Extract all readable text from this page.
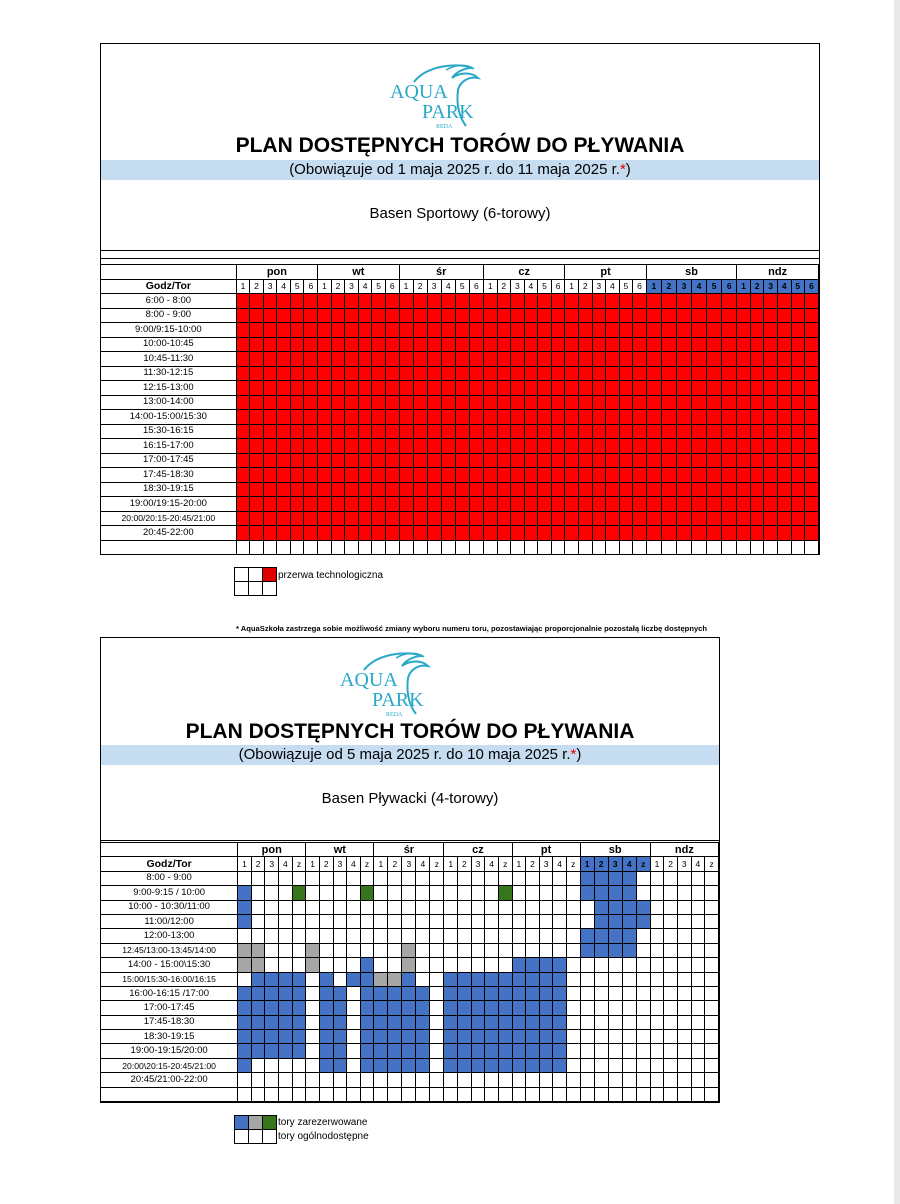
AQUA
PARK
REDA
PLAN DOSTĘPNYCH TORÓW DO PŁYWANIA
(Obowiązuje od 1 maja 2025 r. do 11 maja 2025 r.*)
Basen Sportowy (6-torowy)
	pon						wt						śr						cz						pt						sb						ndz					
Godz/Tor	1	2	3	4	5	6	1	2	3	4	5	6	1	2	3	4	5	6	1	2	3	4	5	6	1	2	3	4	5	6	1	2	3	4	5	6	1	2	3	4	5	6
6:00 - 8:00																																										
8:00 - 9:00																																										
9:00/9:15-10:00																																										
10:00-10:45																																										
10:45-11:30																																										
11:30-12:15																																										
12:15-13:00																																										
13:00-14:00																																										
14:00-15:00/15:30																																										
15:30-16:15																																										
16:15-17:00																																										
17:00-17:45																																										
17:45-18:30																																										
18:30-19:15																																										
19:00/19:15-20:00																																										
20:00/20:15-20:45/21:00																																										
20:45-22:00																																										

przerwa technologiczna
* AquaSzkoła zastrzega sobie możliwość zmiany wyboru numeru toru, pozostawiając proporcjonalnie pozostałą liczbę dostępnych
AQUA
PARK
REDA
PLAN DOSTĘPNYCH TORÓW DO PŁYWANIA
(Obowiązuje od 5 maja 2025 r. do 10 maja 2025 r.*)
Basen Pływacki (4-torowy)
	pon					wt					śr					cz					pt					sb					ndz				
Godz/Tor	1	2	3	4	z	1	2	3	4	z	1	2	3	4	z	1	2	3	4	z	1	2	3	4	z	1	2	3	4	z	1	2	3	4	z
8:00 - 9:00																																			
9:00-9:15 / 10:00																																			
10:00 - 10:30/11:00																																			
11:00/12:00																																			
12:00-13:00																																			
12:45/13:00-13:45/14:00																																			
14:00 - 15:00\15:30																																			
15:00/15:30-16:00/16:15																																			
16:00-16:15 /17:00																																			
17:00-17:45																																			
17:45-18:30																																			
18:30-19:15																																			
19:00-19:15/20:00																																			
20:00\20:15-20:45/21:00																																			
20:45/21:00-22:00																																			

tory zarezerwowane
tory ogólnodostępne
